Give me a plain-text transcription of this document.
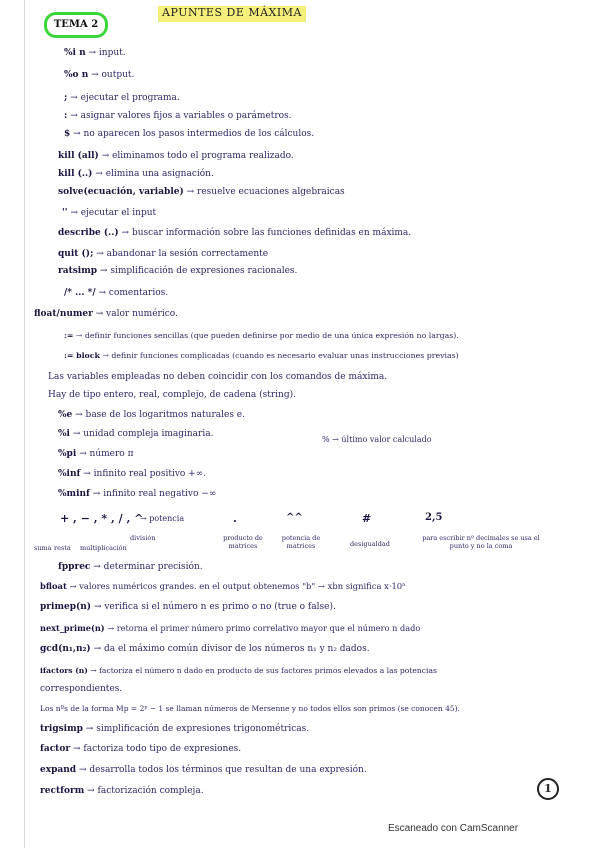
TEMA 2
APUNTES DE MÁXIMA
%i n → input.
%o n → output.
; → ejecutar el programa.
: → asignar valores fijos a variables o parámetros.
$ → no aparecen los pasos intermedios de los cálculos.
kill (all) → eliminamos todo el programa realizado.
kill (..) → elimina una asignación.
solve(ecuación, variable) → resuelve ecuaciones algebraicas
'' → ejecutar el input
describe (..) → buscar información sobre las funciones definidas en máxima.
quit (); → abandonar la sesión correctamente
ratsimp → simplificación de expresiones racionales.
/* ... */ → comentarios.
float/numer → valor numérico.
:= → definir funciones sencillas (que pueden definirse por medio de una única expresión no largas).
:= block → definir funciones complicadas (cuando es necesario evaluar unas instrucciones previas)
Las variables empleadas no deben coincidir con los comandos de máxima.
Hay de tipo entero, real, complejo, de cadena (string).
%e → base de los logaritmos naturales e.
%i → unidad compleja imaginaria.
%pi → número π
%inf → infinito real positivo +∞.
%minf → infinito real negativo −∞
% → último valor calculado
+ , − , * , / , ^
→ potencia
suma resta multiplicación
división
.
producto de matrices
^^
potencia de matrices
#
desigualdad
2,5
para escribir nº decimales se usa el punto y no la coma
fpprec → determinar precisión.
bfloat → valores numéricos grandes. en el output obtenemos "b" → xbn significa x·10ⁿ
primep(n) → verifica si el número n es primo o no (true o false).
next_prime(n) → retorna el primer número primo correlativo mayor que el número n dado
gcd(n₁,n₂) → da el máximo común divisor de los números n₁ y n₂ dados.
ifactors (n) → factoriza el número n dado en producto de sus factores primos elevados a las potencias
correspondientes.
Los nºs de la forma Mp = 2ᵖ − 1 se llaman números de Mersenne y no todos ellos son primos (se conocen 45).
trigsimp → simplificación de expresiones trigonométricas.
factor → factoriza todo tipo de expresiones.
expand → desarrolla todos los términos que resultan de una expresión.
rectform → factorización compleja.	1
Escaneado con CamScanner
